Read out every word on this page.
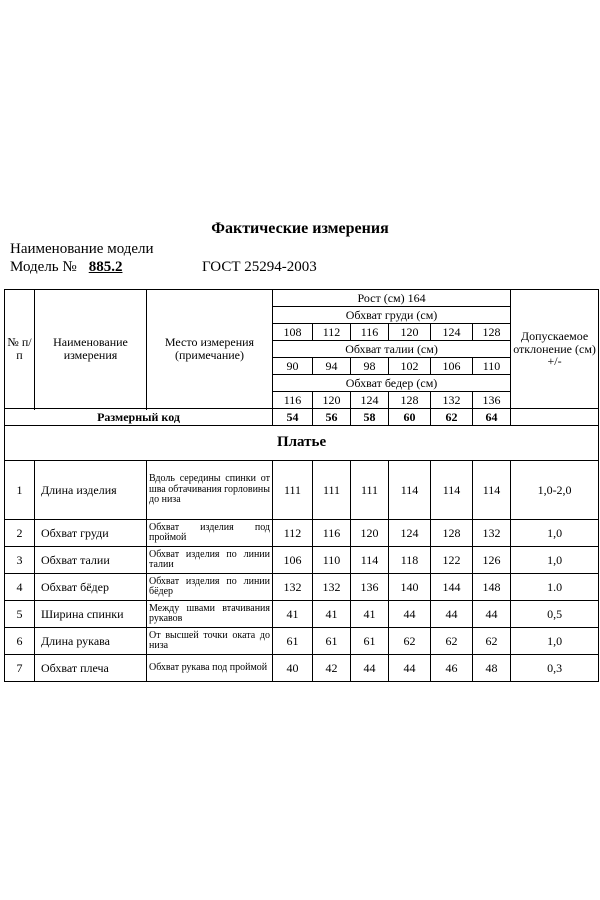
Фактические измерения
Наименование модели
Модель № 885.2	ГОСТ 25294-2003
№ п/п	Наименование измерения	Место измерения (примечание)	Рост (см) 164						Допускаемое отклонение (см) +/-
			Обхват груди (см)						
			108	112	116	120	124	128	
			Обхват талии (см)						
			90	94	98	102	106	110	
			Обхват бедер (см)						
			116	120	124	128	132	136	

Размерный код			54	56	58	60	62	64	
Платье									
1	Длина изделия	Вдоль середины спинки от шва обтачивания горловины до низа	111	111	111	114	114	114	1,0-2,0
2	Обхват груди	Обхват изделия под проймой	112	116	120	124	128	132	1,0
3	Обхват талии	Обхват изделия по линии талии	106	110	114	118	122	126	1,0
4	Обхват бёдер	Обхват изделия по линии бёдер	132	132	136	140	144	148	1.0
5	Ширина спинки	Между швами втачивания рукавов	41	41	41	44	44	44	0,5
6	Длина рукава	От высшей точки оката до низа	61	61	61	62	62	62	1,0
7	Обхват плеча	Обхват рукава под проймой	40	42	44	44	46	48	0,3
